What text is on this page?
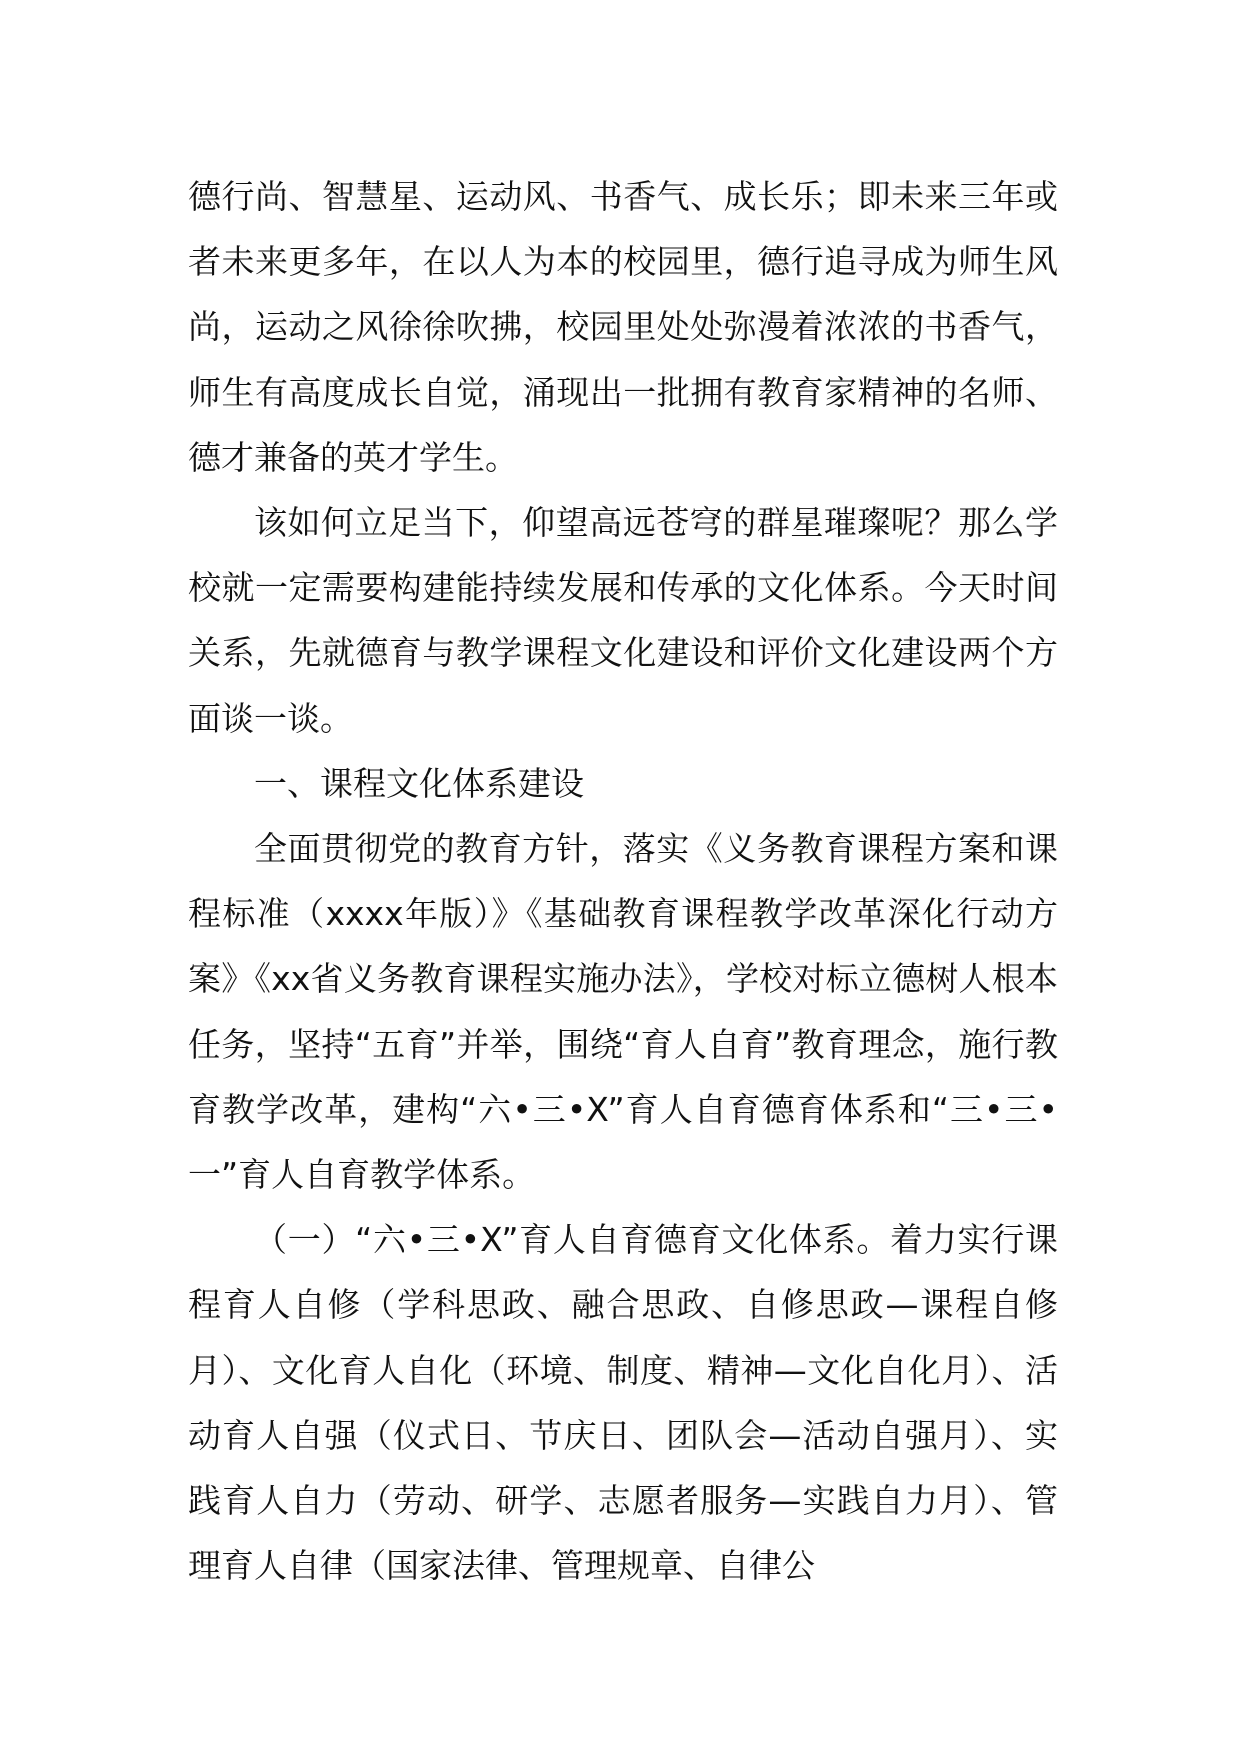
德行尚、智慧星、运动风、书香气、成长乐；即未来三年或者未来更多年，在以人为本的校园里，德行追寻成为师生风尚，运动之风徐徐吹拂，校园里处处弥漫着浓浓的书香气，师生有高度成长自觉，涌现出一批拥有教育家精神的名师、德才兼备的英才学生。

该如何立足当下，仰望高远苍穹的群星璀璨呢？那么学校就一定需要构建能持续发展和传承的文化体系。今天时间关系，先就德育与教学课程文化建设和评价文化建设两个方面谈一谈。

一、课程文化体系建设

全面贯彻党的教育方针，落实《义务教育课程方案和课程标准（xxxx年版）》《基础教育课程教学改革深化行动方案》《xx省义务教育课程实施办法》，学校对标立德树人根本任务，坚持“五育”并举，围绕“育人自育”教育理念，施行教育教学改革，建构“六•三•X”育人自育德育体系和“三•三•一”育人自育教学体系。

（一）“六•三•X”育人自育德育文化体系。着力实行课程育人自修（学科思政、融合思政、自修思政—课程自修月）、文化育人自化（环境、制度、精神—文化自化月）、活动育人自强（仪式日、节庆日、团队会—活动自强月）、实践育人自力（劳动、研学、志愿者服务—实践自力月）、管理育人自律（国家法律、管理规章、自律公
